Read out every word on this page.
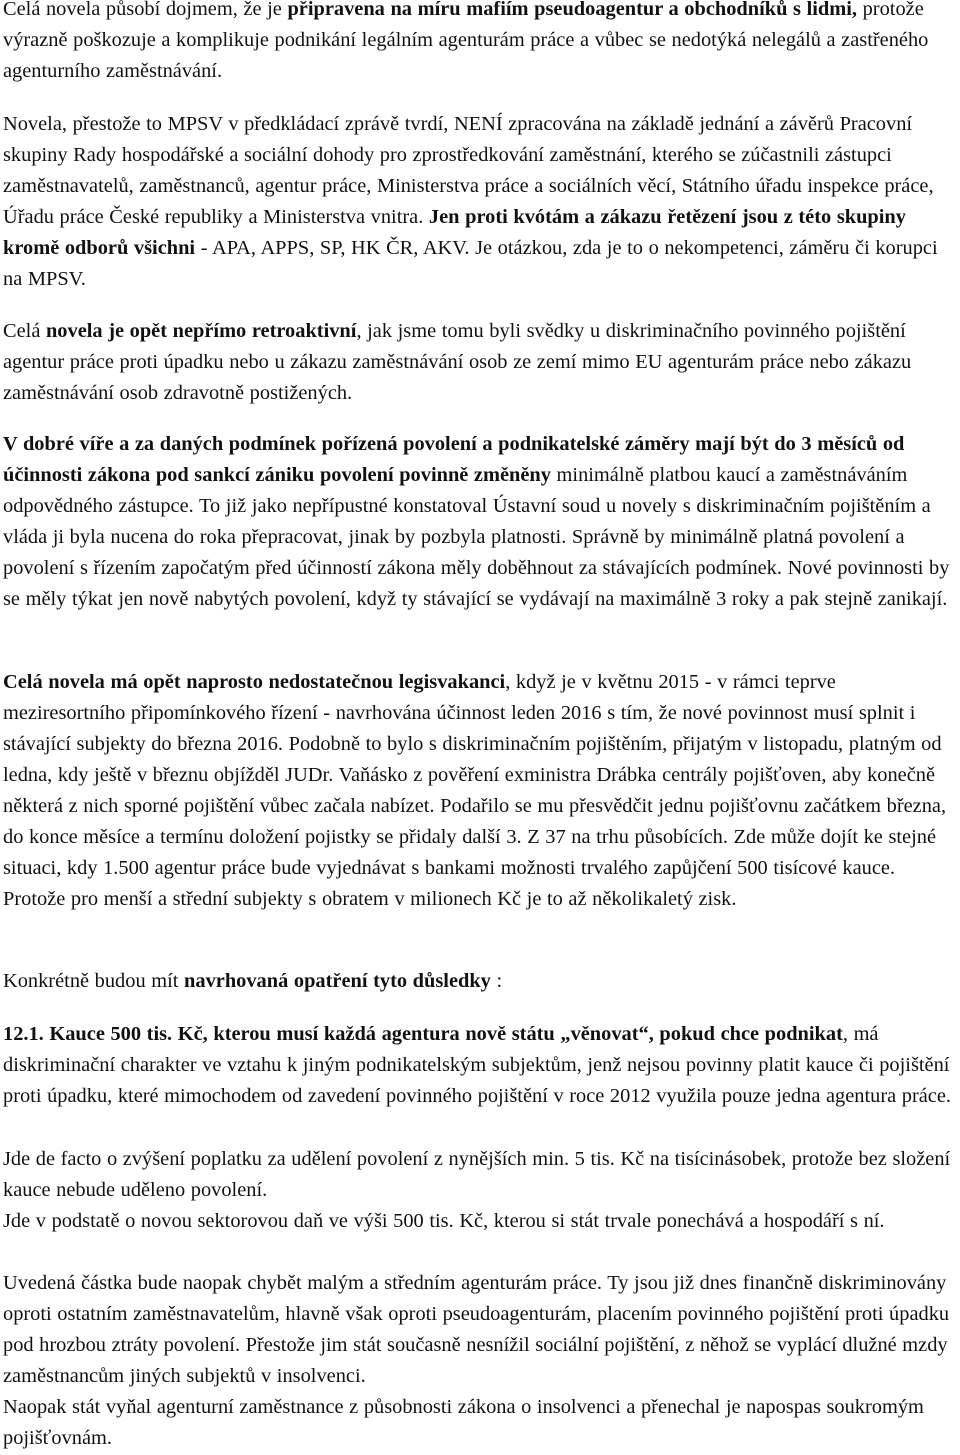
Celá novela působí dojmem, že je připravena na míru mafiím pseudoagentur a obchodníků s lidmi, protože výrazně poškozuje a komplikuje podnikání legálním agenturám práce a vůbec se nedotýká nelegálů a zastřeného agenturního zaměstnávání.

Novela, přestože to MPSV v předkládací zprávě tvrdí, NENÍ zpracována na základě jednání a závěrů Pracovní skupiny Rady hospodářské a sociální dohody pro zprostředkování zaměstnání, kterého se zúčastnili zástupci zaměstnavatelů, zaměstnanců, agentur práce, Ministerstva práce a sociálních věcí, Státního úřadu inspekce práce, Úřadu práce České republiky a Ministerstva vnitra. Jen proti kvótám a zákazu řetězení jsou z této skupiny kromě odborů všichni - APA, APPS, SP, HK ČR, AKV. Je otázkou, zda je to o nekompetenci, záměru či korupci na MPSV.

Celá novela je opět nepřímo retroaktivní, jak jsme tomu byli svědky u diskriminačního povinného pojištění agentur práce proti úpadku nebo u zákazu zaměstnávání osob ze zemí mimo EU agenturám práce nebo zákazu zaměstnávání osob zdravotně postižených.

V dobré víře a za daných podmínek pořízená povolení a podnikatelské záměry mají být do 3 měsíců od účinnosti zákona pod sankcí zániku povolení povinně změněny minimálně platbou kaucí a zaměstnáváním odpovědného zástupce. To již jako nepřípustné konstatoval Ústavní soud u novely s diskriminačním pojištěním a vláda ji byla nucena do roka přepracovat, jinak by pozbyla platnosti. Správně by minimálně platná povolení a povolení s řízením započatým před účinností zákona měly doběhnout za stávajících podmínek. Nové povinnosti by se měly týkat jen nově nabytých povolení, když ty stávající se vydávají na maximálně 3 roky a pak stejně zanikají.

Celá novela má opět naprosto nedostatečnou legisvakanci, když je v květnu 2015 - v rámci teprve meziresortního připomínkového řízení - navrhována účinnost leden 2016 s tím, že nové povinnost musí splnit i stávající subjekty do března 2016. Podobně to bylo s diskriminačním pojištěním, přijatým v listopadu, platným od ledna, kdy ještě v březnu objížděl JUDr. Vaňásko z pověření exministra Drábka centrály pojišťoven, aby konečně některá z nich sporné pojištění vůbec začala nabízet. Podařilo se mu přesvědčit jednu pojišťovnu začátkem března, do konce měsíce a termínu doložení pojistky se přidaly další 3. Z 37 na trhu působících. Zde může dojít ke stejné situaci, kdy 1.500 agentur práce bude vyjednávat s bankami možnosti trvalého zapůjčení 500 tisícové kauce. Protože pro menší a střední subjekty s obratem v milionech Kč je to až několikaletý zisk.

Konkrétně budou mít navrhovaná opatření tyto důsledky :

12.1. Kauce 500 tis. Kč, kterou musí každá agentura nově státu „věnovat“, pokud chce podnikat, má diskriminační charakter ve vztahu k jiným podnikatelským subjektům, jenž nejsou povinny platit kauce či pojištění proti úpadku, které mimochodem od zavedení povinného pojištění v roce 2012 využila pouze jedna agentura práce.

Jde de facto o zvýšení poplatku za udělení povolení z nynějších min. 5 tis. Kč na tisícinásobek, protože bez složení kauce nebude uděleno povolení.

Jde v podstatě o novou sektorovou daň ve výši 500 tis. Kč, kterou si stát trvale ponechává a hospodáří s ní.

Uvedená částka bude naopak chybět malým a středním agenturám práce. Ty jsou již dnes finančně diskriminovány oproti ostatním zaměstnavatelům, hlavně však oproti pseudoagenturám, placením povinného pojištění proti úpadku pod hrozbou ztráty povolení. Přestože jim stát současně nesnížil sociální pojištění, z něhož se vyplácí dlužné mzdy zaměstnancům jiných subjektů v insolvenci.

Naopak stát vyňal agenturní zaměstnance z působnosti zákona o insolvenci a přenechal je napospas soukromým pojišťovnám.
